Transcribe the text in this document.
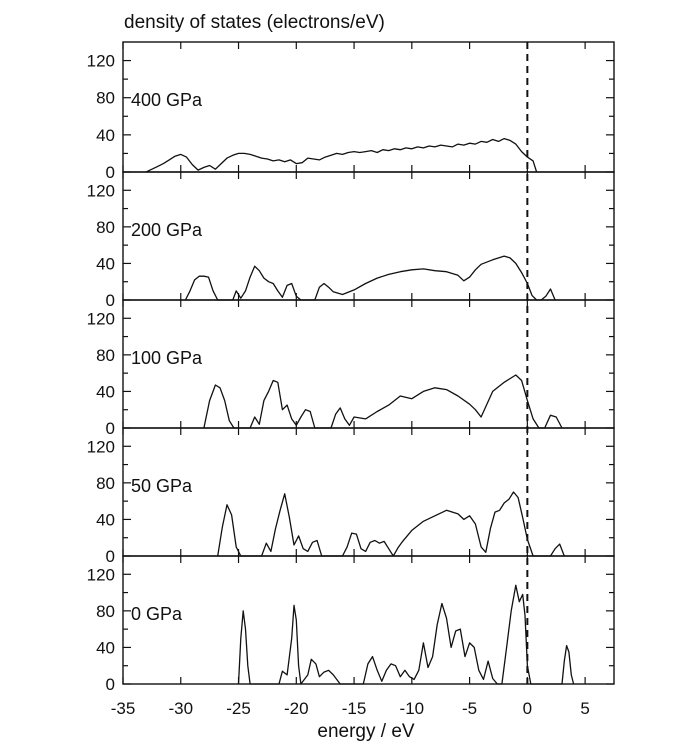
density of states (electrons/eV)
0
40
80
120
400 GPa
0
40
80
120
200 GPa
0
40
80
120
100 GPa
0
40
80
120
50 GPa
0
40
80
120
0 GPa
-35 -30 -25 -20 -15 -10 -5	0	5
energy / eV
